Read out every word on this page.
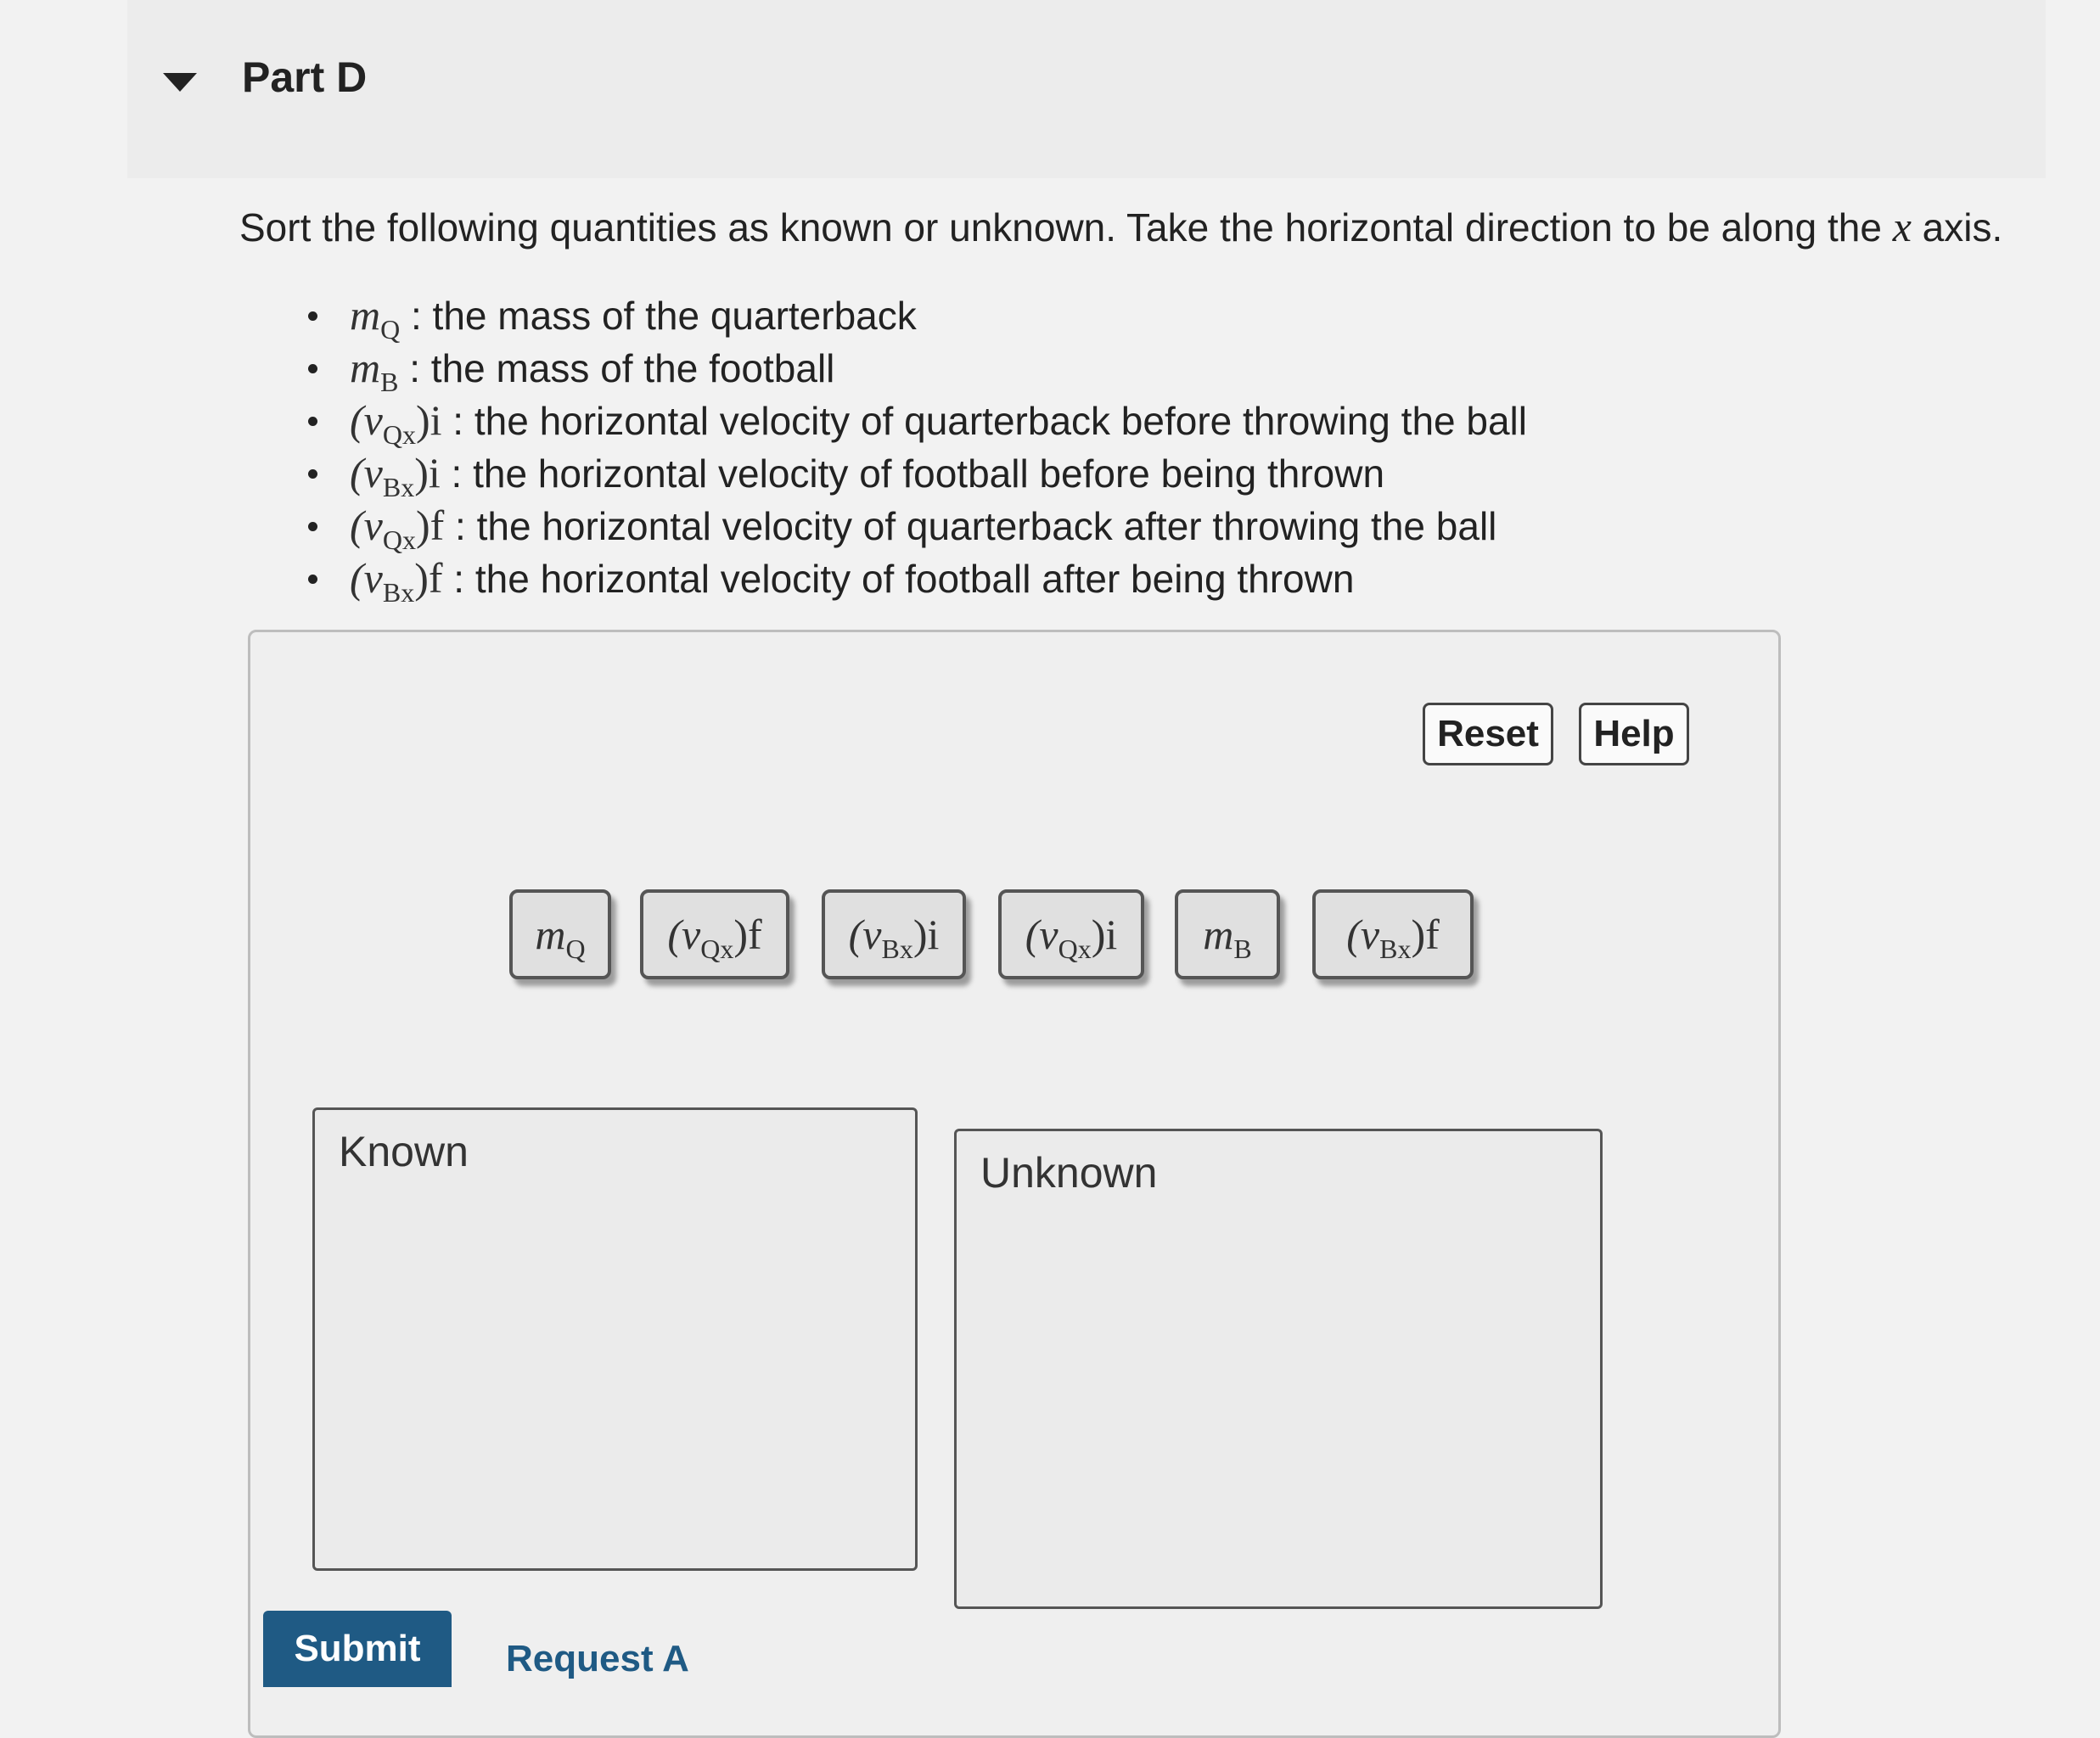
Part D
Sort the following quantities as known or unknown. Take the horizontal direction to be along the x axis.
$m_Q$ : the mass of the quarterback
$m_B$ : the mass of the football
$(v_{Qx})i$ : the horizontal velocity of quarterback before throwing the ball
$(v_{Bx})i$ : the horizontal velocity of football before being thrown
$(v_{Qx})f$ : the horizontal velocity of quarterback after throwing the ball
$(v_{Bx})f$ : the horizontal velocity of football after being thrown
Reset	Help
$m_Q$	$(v_{Qx})f$	$(v_{Bx})i$	$(v_{Qx})i$	$m_B$	$(v_{Bx})f$
Known	Unknown
Submit	Request A
